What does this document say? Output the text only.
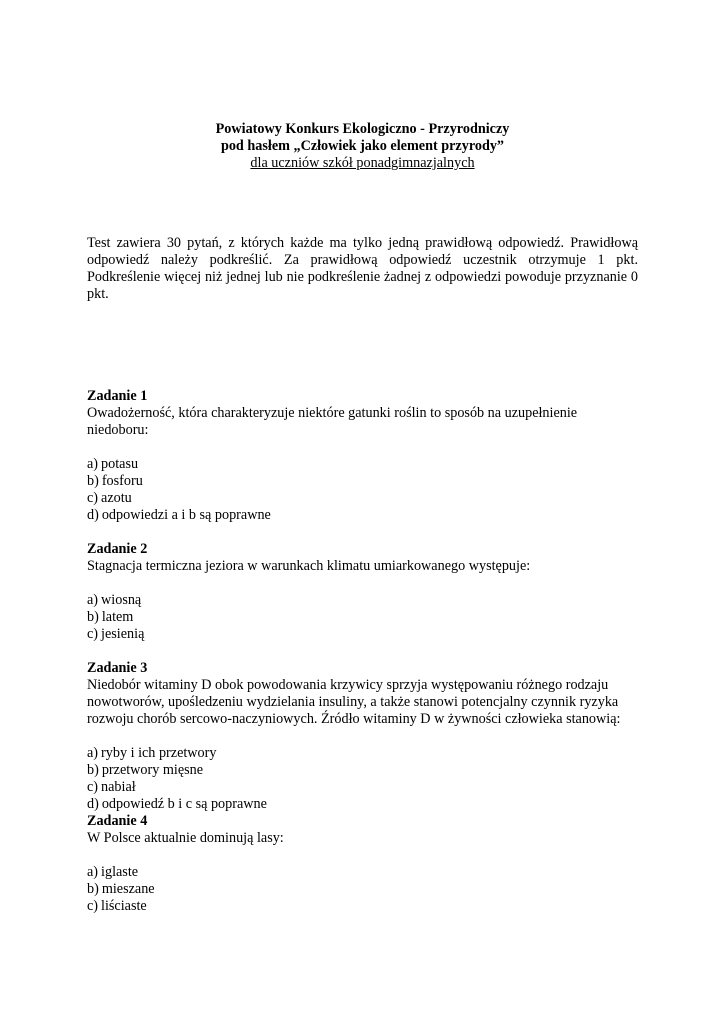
Powiatowy Konkurs Ekologiczno - Przyrodniczy
pod hasłem „Człowiek jako element przyrody”
dla uczniów szkół ponadgimnazjalnych
Test zawiera 30 pytań, z których każde ma tylko jedną prawidłową odpowiedź. Prawidłową odpowiedź należy podkreślić. Za prawidłową odpowiedź uczestnik otrzymuje 1 pkt. Podkreślenie więcej niż jednej lub nie podkreślenie żadnej z odpowiedzi powoduje przyznanie 0 pkt.
Zadanie 1
Owadożerność, która charakteryzuje niektóre gatunki roślin to sposób na uzupełnienie
niedoboru:
a) potasu
b) fosforu
c) azotu
d) odpowiedzi a i b są poprawne
Zadanie 2
Stagnacja termiczna jeziora w warunkach klimatu umiarkowanego występuje:
a) wiosną
b) latem
c) jesienią
Zadanie 3
Niedobór witaminy D obok powodowania krzywicy sprzyja występowaniu różnego rodzaju
nowotworów, upośledzeniu wydzielania insuliny, a także stanowi potencjalny czynnik ryzyka
rozwoju chorób sercowo-naczyniowych. Źródło witaminy D w żywności człowieka stanowią:
a) ryby i ich przetwory
b) przetwory mięsne
c) nabiał
d) odpowiedź b i c są poprawne
Zadanie 4
W Polsce aktualnie dominują lasy:
a) iglaste
b) mieszane
c) liściaste
